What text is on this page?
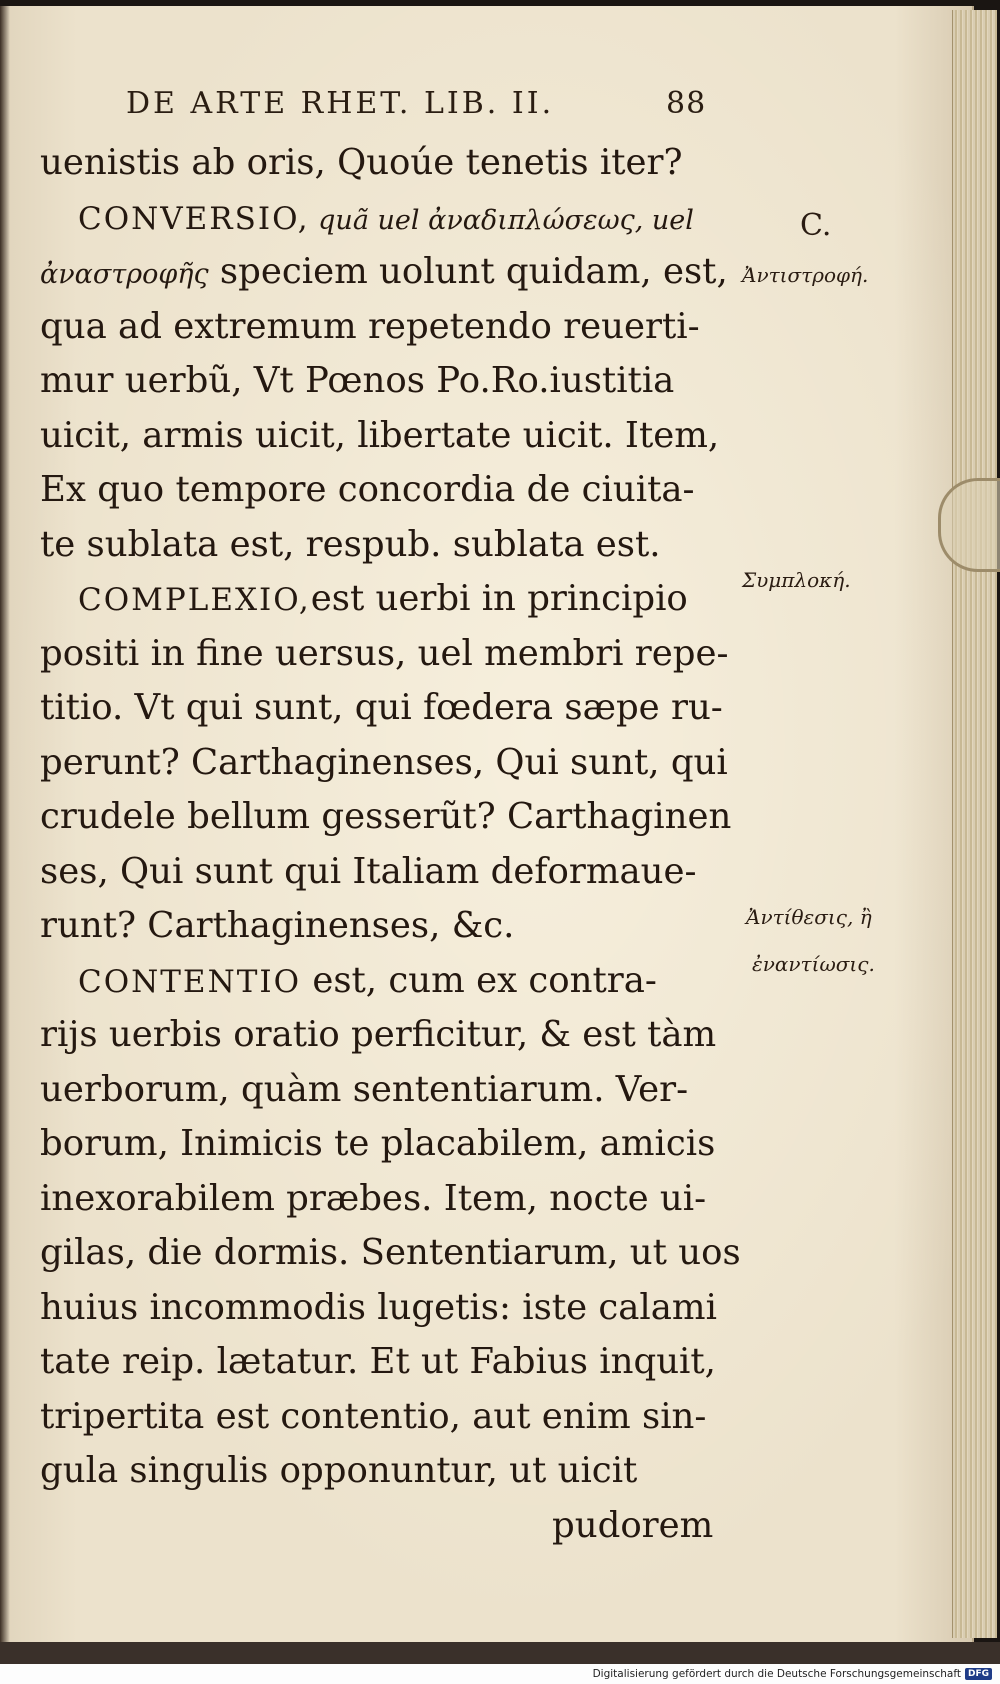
DE ARTE RHET. LIB. II.	88
uenistis ab oris, Quoúe tenetis iter?
CONVERSIO, quã uel ἀναδιπλώσεως, uel
ἀναστροφῆς speciem uolunt quidam, est,
qua ad extremum repetendo reuerti-
mur uerbũ, Vt Pœnos Po.Ro.iustitia
uicit, armis uicit, libertate uicit. Item,
Ex quo tempore concordia de ciuita-
te sublata est, respub. sublata est.
COMPLEXIO,est uerbi in principio
positi in fine uersus, uel membri repe-
titio. Vt qui sunt, qui fœdera sæpe ru-
perunt? Carthaginenses, Qui sunt, qui
crudele bellum gesserũt? Carthaginen
ses, Qui sunt qui Italiam deformaue-
runt? Carthaginenses, &c.
CONTENTIO est, cum ex contra-
rijs uerbis oratio perficitur, & est tàm
uerborum, quàm sententiarum. Ver-
borum, Inimicis te placabilem, amicis
inexorabilem præbes. Item, nocte ui-
gilas, die dormis. Sententiarum, ut uos
huius incommodis lugetis: iste calami
tate reip. lætatur. Et ut Fabius inquit,
tripertita est contentio, aut enim sin-
gula singulis opponuntur, ut uicit
pudorem
C.
Ἀντιστροφή.
Συμπλοκή.
Ἀντίθεσις, ἢ
ἐναντίωσις.
Digitalisierung gefördert durch die Deutsche Forschungsgemeinschaft DFG
